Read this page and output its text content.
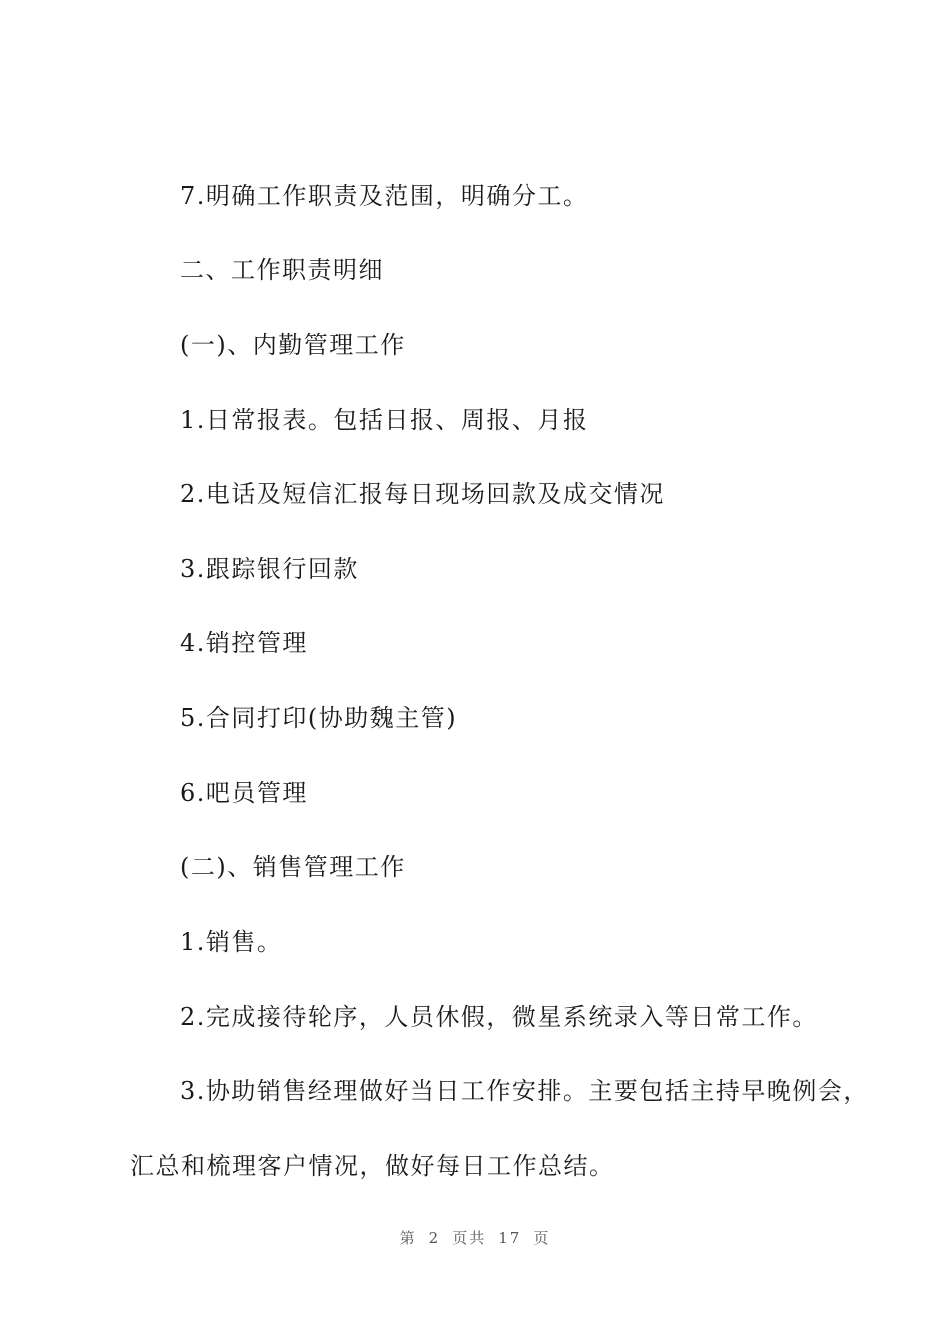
7.明确工作职责及范围，明确分工。
二、工作职责明细
(一)、内勤管理工作
1.日常报表。包括日报、周报、月报
2.电话及短信汇报每日现场回款及成交情况
3.跟踪银行回款
4.销控管理
5.合同打印(协助魏主管)
6.吧员管理
(二)、销售管理工作
1.销售。
2.完成接待轮序，人员休假，微星系统录入等日常工作。
3.协助销售经理做好当日工作安排。主要包括主持早晚例会，
汇总和梳理客户情况，做好每日工作总结。
第 2 页共 17 页
